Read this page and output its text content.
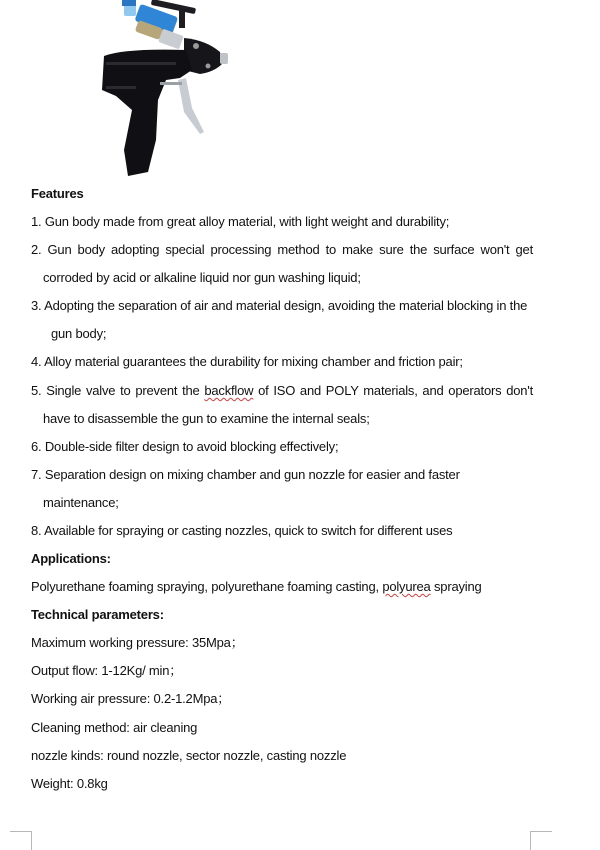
Features
1. Gun body made from great alloy material, with light weight and durability;
2. Gun body adopting special processing method to make sure the surface won't get
corroded by acid or alkaline liquid nor gun washing liquid;
3. Adopting the separation of air and material design, avoiding the material blocking in the
gun body;
4. Alloy material guarantees the durability for mixing chamber and friction pair;
5. Single valve to prevent the backflow of ISO and POLY materials, and operators don't
have to disassemble the gun to examine the internal seals;
6. Double-side filter design to avoid blocking effectively;
7. Separation design on mixing chamber and gun nozzle for easier and faster
maintenance;
8. Available for spraying or casting nozzles, quick to switch for different uses
Applications:
Polyurethane foaming spraying, polyurethane foaming casting, polyurea spraying
Technical parameters:
Maximum working pressure: 35Mpa；
Output flow: 1-12Kg/ min；
Working air pressure: 0.2-1.2Mpa；
Cleaning method: air cleaning
nozzle kinds: round nozzle, sector nozzle, casting nozzle
Weight: 0.8kg
